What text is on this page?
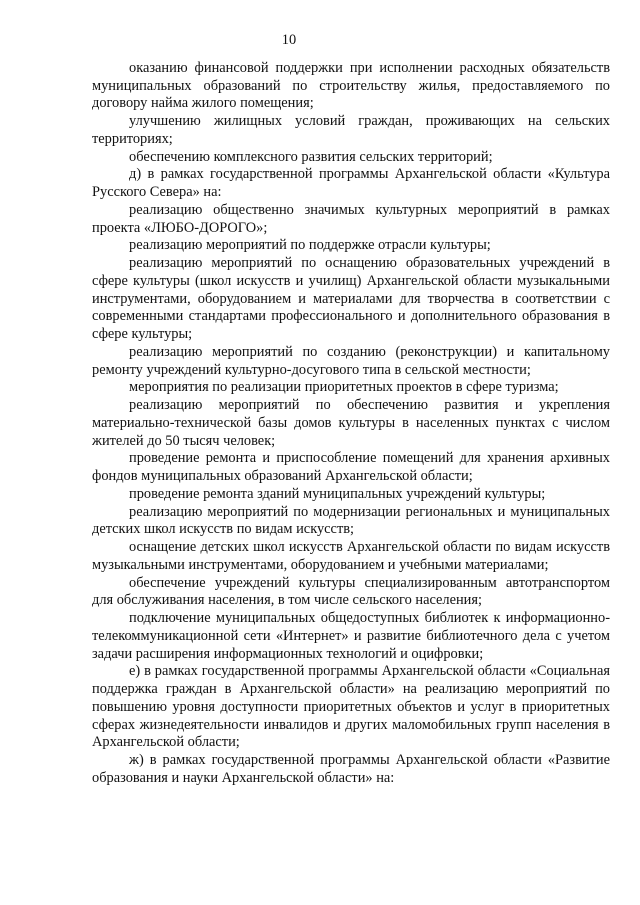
10

оказанию финансовой поддержки при исполнении расходных обязательств муниципальных образований по строительству жилья, предоставляемого по договору найма жилого помещения;

улучшению жилищных условий граждан, проживающих на сельских территориях;

обеспечению комплексного развития сельских территорий;

д) в рамках государственной программы Архангельской области «Культура Русского Севера» на:

реализацию общественно значимых культурных мероприятий в рамках проекта «ЛЮБО-ДОРОГО»;

реализацию мероприятий по поддержке отрасли культуры;

реализацию мероприятий по оснащению образовательных учреждений в сфере культуры (школ искусств и училищ) Архангельской области музыкальными инструментами, оборудованием и материалами для творчества в соответствии с современными стандартами профессионального и дополнительного образования в сфере культуры;

реализацию мероприятий по созданию (реконструкции) и капитальному ремонту учреждений культурно-досугового типа в сельской местности;

мероприятия по реализации приоритетных проектов в сфере туризма;

реализацию мероприятий по обеспечению развития и укрепления материально-технической базы домов культуры в населенных пунктах с числом жителей до 50 тысяч человек;

проведение ремонта и приспособление помещений для хранения архивных фондов муниципальных образований Архангельской области;

проведение ремонта зданий муниципальных учреждений культуры;

реализацию мероприятий по модернизации региональных и муниципальных детских школ искусств по видам искусств;

оснащение детских школ искусств Архангельской области по видам искусств музыкальными инструментами, оборудованием и учебными материалами;

обеспечение учреждений культуры специализированным автотранспортом для обслуживания населения, в том числе сельского населения;

подключение муниципальных общедоступных библиотек к информационно-телекоммуникационной сети «Интернет» и развитие библиотечного дела с учетом задачи расширения информационных технологий и оцифровки;

е) в рамках государственной программы Архангельской области «Социальная поддержка граждан в Архангельской области» на реализацию мероприятий по повышению уровня доступности приоритетных объектов и услуг в приоритетных сферах жизнедеятельности инвалидов и других маломобильных групп населения в Архангельской области;

ж) в рамках государственной программы Архангельской области «Развитие образования и науки Архангельской области» на:
